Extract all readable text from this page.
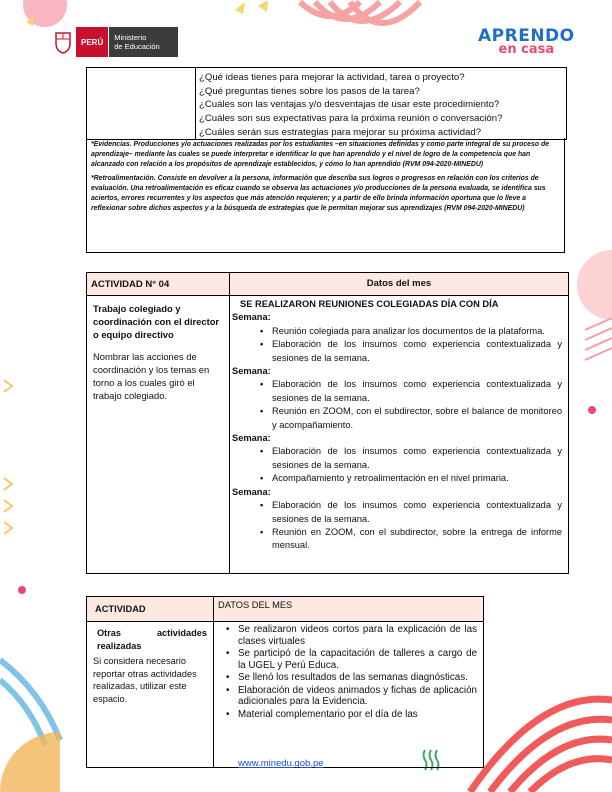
PERÚ	Ministerio
de Educación
APRENDO
en casa
¿Qué ideas tienes para mejorar la actividad, tarea o proyecto?
¿Qué preguntas tienes sobre los pasos de la tarea?
¿Cuáles son las ventajas y/o desventajas de usar este procedimiento?
¿Cuáles son sus expectativas para la próxima reunión o conversación?
¿Cuáles serán sus estrategias para mejorar su próxima actividad?

*Evidencias. Producciones y/o actuaciones realizadas por los estudiantes –en situaciones definidas y como parte integral de su proceso de aprendizaje– mediante las cuales se puede interpretar e identificar lo que han aprendido y el nivel de logro de la competencia que han alcanzado con relación a los propósitos de aprendizaje establecidos, y cómo lo han aprendido (RVM 094-2020-MINEDU)

*Retroalimentación. Consiste en devolver a la persona, información que describa sus logros o progresos en relación con los criterios de evaluación. Una retroalimentación es eficaz cuando se observa las actuaciones y/o producciones de la persona evaluada, se identifica sus aciertos, errores recurrentes y los aspectos que más atención requieren; y a partir de ello brinda información oportuna que lo lleve a reflexionar sobre dichos aspectos y a la búsqueda de estrategias que le permitan mejorar sus aprendizajes (RVM 094-2020-MINEDU)

ACTIVIDAD N° 04	Datos del mes
Trabajo colegiado y coordinación con el director o equipo directivo
Nombrar las acciones de coordinación y los temas en torno a los cuales giró el trabajo colegiado.
SE REALIZARON REUNIONES COLEGIADAS DÍA CON DÍA
Semana:
• Reunión colegiada para analizar los documentos de la plataforma.
• Elaboración de los insumos como experiencia contextualizada y sesiones de la semana.
Semana:
• Elaboración de los insumos como experiencia contextualizada y sesiones de la semana.
• Reunión en ZOOM, con el subdirector, sobre el balance de monitoreo y acompañamiento.
Semana:
• Elaboración de los insumos como experiencia contextualizada y sesiones de la semana.
• Acompañamiento y retroalimentación en el nivel primaria.
Semana:
• Elaboración de los insumos como experiencia contextualizada y sesiones de la semana.
• Reunión en ZOOM, con el subdirector, sobre la entrega de informe mensual.
ACTIVIDAD	DATOS DEL MES
Otras actividades realizadas
Si considera necesario reportar otras actividades realizadas, utilizar este espacio.
• Se realizaron videos cortos para la explicación de las clases virtuales
• Se participó de la capacitación de talleres a cargo de la UGEL y Perú Educa.
• Se llenó los resultados de las semanas diagnósticas.
• Elaboración de videos animados y fichas de aplicación adicionales para la Evidencia.
• Material complementario por el día de las
www.minedu.gob.pe
